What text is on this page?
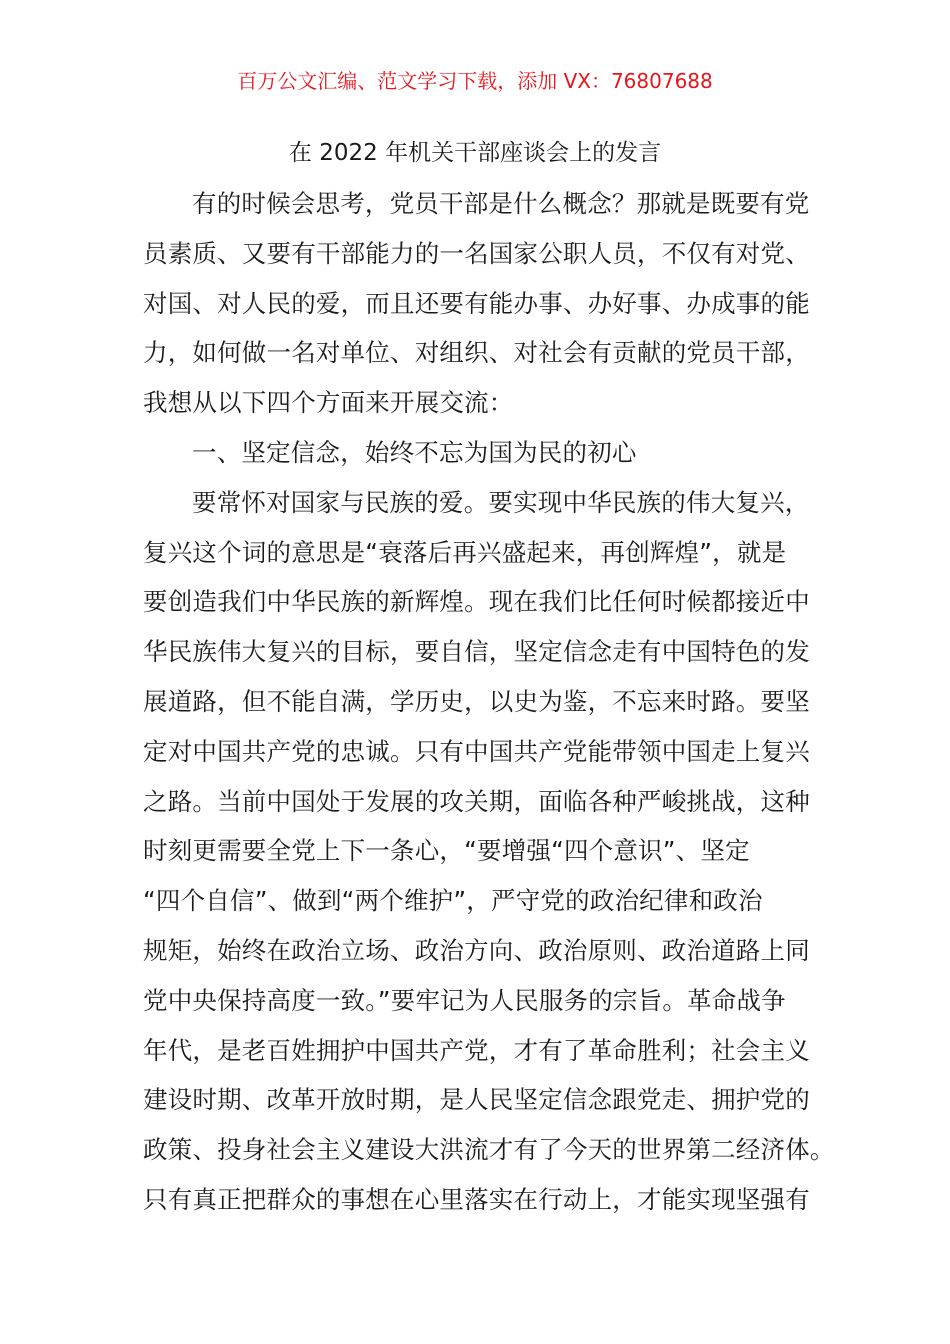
百万公文汇编、范文学习下载，添加 VX：76807688
在 2022 年机关干部座谈会上的发言
有的时候会思考，党员干部是什么概念？那就是既要有党
员素质、又要有干部能力的一名国家公职人员，不仅有对党、
对国、对人民的爱，而且还要有能办事、办好事、办成事的能
力，如何做一名对单位、对组织、对社会有贡献的党员干部，
我想从以下四个方面来开展交流：
一、坚定信念，始终不忘为国为民的初心
要常怀对国家与民族的爱。要实现中华民族的伟大复兴，
复兴这个词的意思是“衰落后再兴盛起来，再创辉煌”，就是
要创造我们中华民族的新辉煌。现在我们比任何时候都接近中
华民族伟大复兴的目标，要自信，坚定信念走有中国特色的发
展道路，但不能自满，学历史，以史为鉴，不忘来时路。要坚
定对中国共产党的忠诚。只有中国共产党能带领中国走上复兴
之路。当前中国处于发展的攻关期，面临各种严峻挑战，这种
时刻更需要全党上下一条心，“要增强“四个意识”、坚定
“四个自信”、做到“两个维护”，严守党的政治纪律和政治
规矩，始终在政治立场、政治方向、政治原则、政治道路上同
党中央保持高度一致。”要牢记为人民服务的宗旨。革命战争
年代，是老百姓拥护中国共产党，才有了革命胜利；社会主义
建设时期、改革开放时期，是人民坚定信念跟党走、拥护党的
政策、投身社会主义建设大洪流才有了今天的世界第二经济体。
只有真正把群众的事想在心里落实在行动上，才能实现坚强有
